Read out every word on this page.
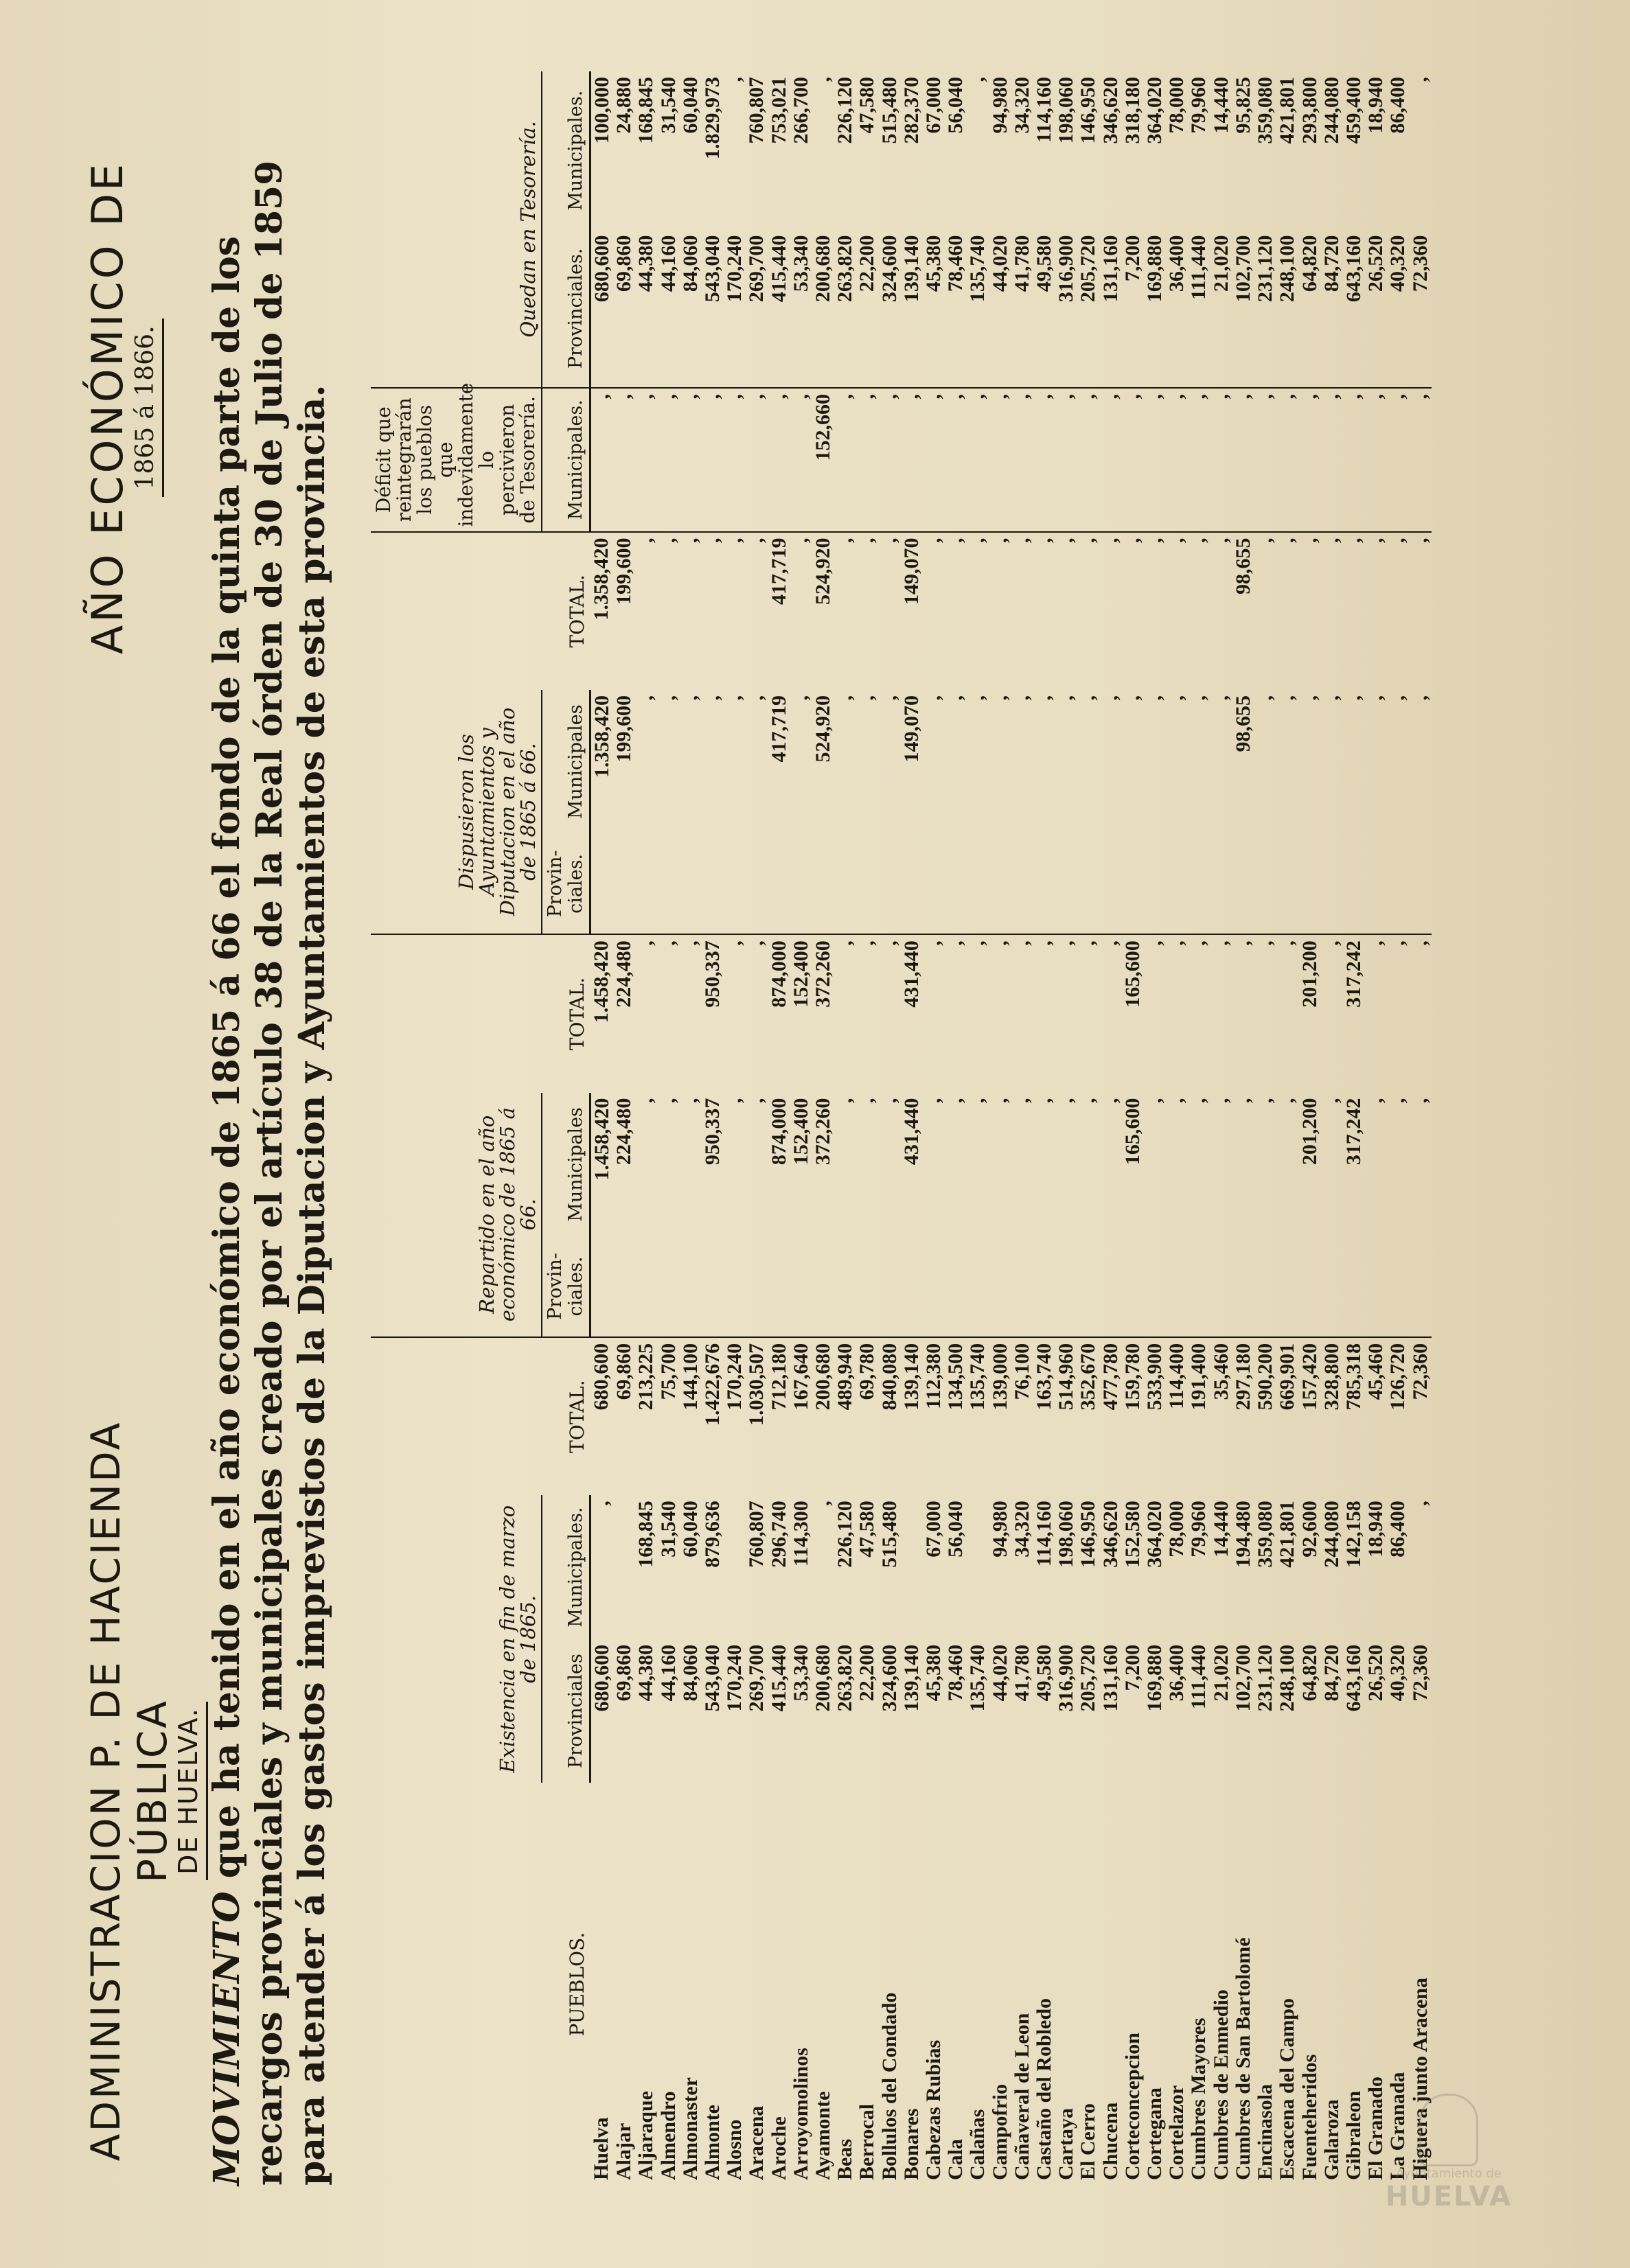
ADMINISTRACION P. DE HACIENDA PÚBLICA
DE HUELVA.
AÑO ECONÓMICO DE
1865 á 1866.
MOVIMIENTO que ha tenido en el año económico de 1865 á 66 el fondo de la quinta parte de los recargos provinciales y municipales creado por el artículo 38 de la Real órden de 30 de Julio de 1859 para atender á los gastos imprevistos de la Diputacion y Ayuntamientos de esta provincia.	PUEBLOS.	Existencia en fin de marzo de 1865.		TOTAL.	Repartido en el año económico de 1865 á 66.		TOTAL.	Dispusieron los Ayuntamientos y Diputacion en el año de 1865 á 66.		TOTAL.	Déficit que reintegrarán los pueblos que indevidamente lo percivieron de Tesorería.	Quedan en Tesorería.	
	Provinciales	Municipales.		Provin- ciales.	Municipales		Provin- ciales.	Municipales		Municipales.	Provinciales.	Municipales.
Huelva	680,600	,	680,600		1.458,420	1.458,420		1.358,420	1.358,420	,	680,600	100,000
Alajar	69,860		69,860		224,480	224,480		199,600	199,600	,	69,860	24,880
Aljaraque	44,380	168,845	213,225		,	,		,	,	,	44,380	168,845
Almendro	44,160	31,540	75,700		,	,		,	,	,	44,160	31,540
Almonaster	84,060	60,040	144,100		,	,		,	,	,	84,060	60,040
Almonte	543,040	879,636	1.422,676		950,337	950,337		,	,	,	543,040	1.829,973
Alosno	170,240		170,240		,	,		,	,	,	170,240	,
Aracena	269,700	760,807	1.030,507		,	,		,	,	,	269,700	760,807
Aroche	415,440	296,740	712,180		874,000	874,000		417,719	417,719	,	415,440	753,021
Arroyomolinos	53,340	114,300	167,640		152,400	152,400		,	,	,	53,340	266,700
Ayamonte	200,680	,	200,680		372,260	372,260		524,920	524,920	152,660	200,680	,
Beas	263,820	226,120	489,940		,	,		,	,	,	263,820	226,120
Berrocal	22,200	47,580	69,780		,	,		,	,	,	22,200	47,580
Bollulos del Condado	324,600	515,480	840,080		,	,		,	,	,	324,600	515,480
Bonares	139,140		139,140		431,440	431,440		149,070	149,070	,	139,140	282,370
Cabezas Rubias	45,380	67,000	112,380		,	,		,	,	,	45,380	67,000
Cala	78,460	56,040	134,500		,	,		,	,	,	78,460	56,040
Calañas	135,740		135,740		,	,		,	,	,	135,740	,
Campofrio	44,020	94,980	139,000		,	,		,	,	,	44,020	94,980
Cañaveral de Leon	41,780	34,320	76,100		,	,		,	,	,	41,780	34,320
Castaño del Robledo	49,580	114,160	163,740		,	,		,	,	,	49,580	114,160
Cartaya	316,900	198,060	514,960		,	,		,	,	,	316,900	198,060
El Cerro	205,720	146,950	352,670		,	,		,	,	,	205,720	146,950
Chucena	131,160	346,620	477,780		,	,		,	,	,	131,160	346,620
Corteconcepcion	7,200	152,580	159,780		165,600	165,600		,	,	,	7,200	318,180
Cortegana	169,880	364,020	533,900		,	,		,	,	,	169,880	364,020
Cortelazor	36,400	78,000	114,400		,	,		,	,	,	36,400	78,000
Cumbres Mayores	111,440	79,960	191,400		,	,		,	,	,	111,440	79,960
Cumbres de Enmedio	21,020	14,440	35,460		,	,		,	,	,	21,020	14,440
Cumbres de San Bartolomé	102,700	194,480	297,180		,	,		98,655	98,655	,	102,700	95,825
Encinasola	231,120	359,080	590,200		,	,		,	,	,	231,120	359,080
Escacena del Campo	248,100	421,801	669,901		,	,		,	,	,	248,100	421,801
Fuenteheridos	64,820	92,600	157,420		201,200	201,200		,	,	,	64,820	293,800
Galaroza	84,720	244,080	328,800		,	,		,	,	,	84,720	244,080
Gibraleon	643,160	142,158	785,318		317,242	317,242		,	,	,	643,160	459,400
El Granado	26,520	18,940	45,460		,	,		,	,	,	26,520	18,940
La Granada	40,320	86,400	126,720		,	,		,	,	,	40,320	86,400
Higuera junto Aracena	72,360	,	72,360		,	,		,	,	,	72,360	,
Ayuntamiento de
HUELVA
